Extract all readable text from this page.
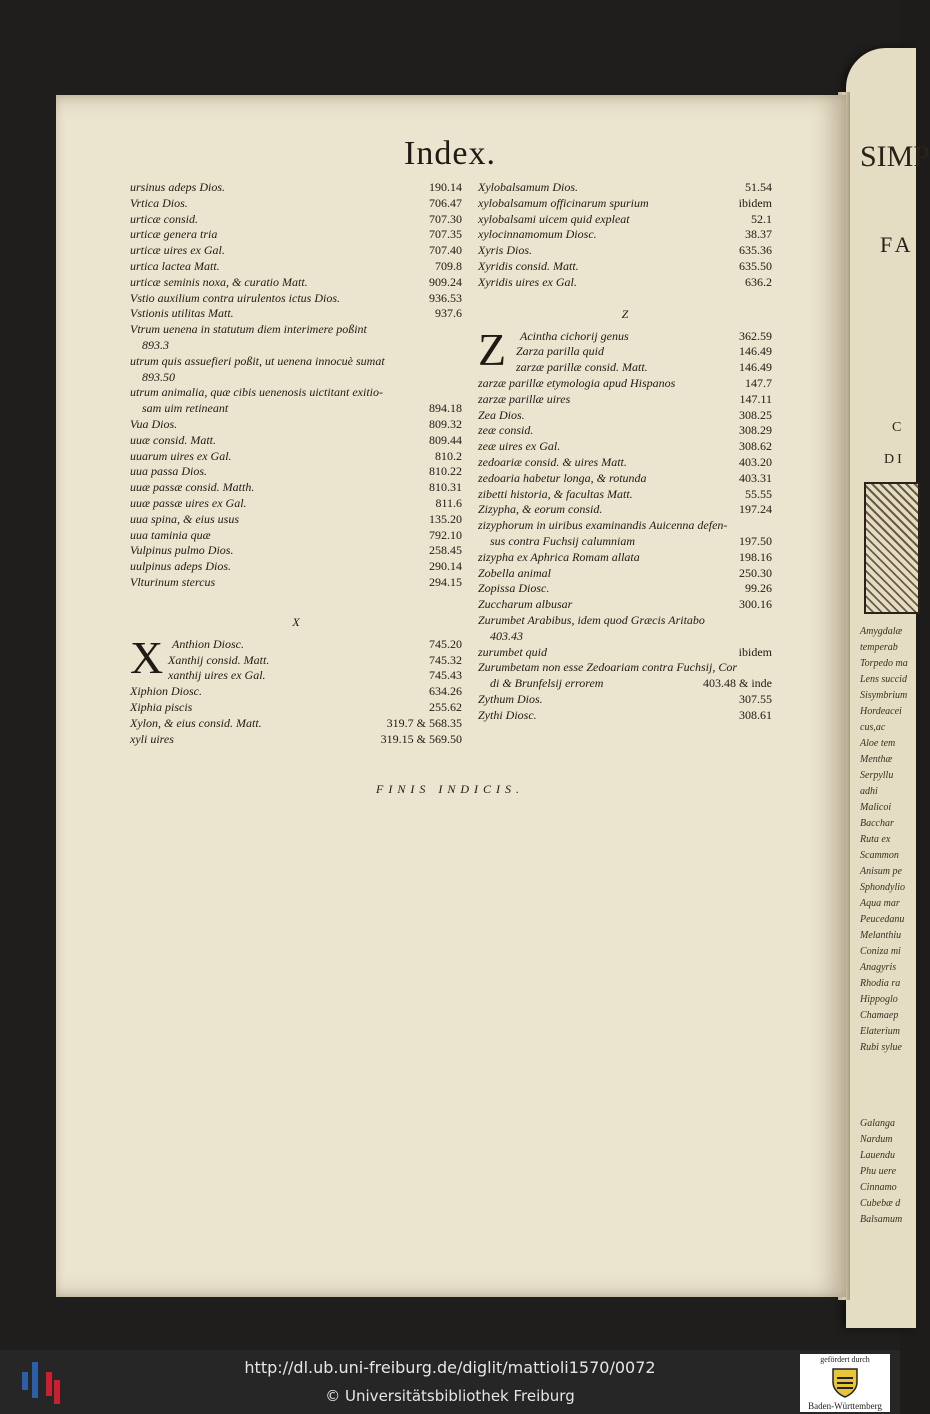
SIMP
FA
C
DI
Amygdalæ
temperab
Torpedo ma
Lens succid
Sisymbrium
Hordeacei
cus,ac
Aloe tem
Menthæ
Serpyllu
adhi
Malicoi
Bacchar
Ruta ex
Scammon
Anisum pe
Sphondylio
Aqua mar
Peucedanu
Melanthiu
Coniza mi
Anagyris
Rhodia ra
Hippoglo
Chamaep
Elaterium
Rubi sylue
Galanga
Nardum
Lauendu
Phu uere
Cinnamo
Cubebæ d
Balsamum
Index.
ursinus adeps Dios.	190.14
Vrtica Dios.	706.47
urticæ consid.	707.30
urticæ genera tria	707.35
urticæ uires ex Gal.	707.40
urtica lactea Matt.	709.8
urticæ seminis noxa, & curatio Matt.	909.24
Vstio auxilium contra uirulentos ictus Dios.	936.53
Vstionis utilitas Matt.	937.6
Vtrum uenena in statutum diem interimere poßint
893.3
utrum quis assuefieri poßit, ut uenena innocuè sumat
893.50
utrum animalia, quæ cibis uenenosis uictitant exitio-
sam uim retineant	894.18
Vua Dios.	809.32
uuæ consid. Matt.	809.44
uuarum uires ex Gal.	810.2
uua passa Dios.	810.22
uuæ passæ consid. Matth.	810.31
uuæ passæ uires ex Gal.	811.6
uua spina, & eius usus	135.20
uua taminia quæ	792.10
Vulpinus pulmo Dios.	258.45
uulpinus adeps Dios.	290.14
Vlturinum stercus	294.15
X
X Anthion Diosc.	745.20
Xanthij consid. Matt.	745.32
xanthij uires ex Gal.	745.43
Xiphion Diosc.	634.26
Xiphia piscis	255.62
Xylon, & eius consid. Matt.	319.7 & 568.35
xyli uires	319.15 & 569.50
Xylobalsamum Dios.	51.54
xylobalsamum officinarum spurium	ibidem
xylobalsami uicem quid expleat	52.1
xylocinnamomum Diosc.	38.37
Xyris Dios.	635.36
Xyridis consid. Matt.	635.50
Xyridis uires ex Gal.	636.2
Z
Z Acintha cichorij genus	362.59
Zarza parilla quid	146.49
zarzæ parillæ consid. Matt.	146.49
zarzæ parillæ etymologia apud Hispanos	147.7
zarzæ parillæ uires	147.11
Zea Dios.	308.25
zeæ consid.	308.29
zeæ uires ex Gal.	308.62
zedoariæ consid. & uires Matt.	403.20
zedoaria habetur longa, & rotunda	403.31
zibetti historia, & facultas Matt.	55.55
Zizypha, & eorum consid.	197.24
zizyphorum in uiribus examinandis Auicenna defen-
sus contra Fuchsij calumniam	197.50
zizypha ex Aphrica Romam allata	198.16
Zobella animal	250.30
Zopissa Diosc.	99.26
Zuccharum albusar	300.16
Zurumbet Arabibus, idem quod Græcis Aritabo
403.43
zurumbet quid	ibidem
Zurumbetam non esse Zedoariam contra Fuchsij, Cor
di & Brunfelsij errorem	403.48 & inde
Zythum Dios.	307.55
Zythi Diosc.	308.61
FINIS INDICIS.
http://dl.ub.uni-freiburg.de/diglit/mattioli1570/0072
© Universitätsbibliothek Freiburg
gefördert durch
Baden-Württemberg
